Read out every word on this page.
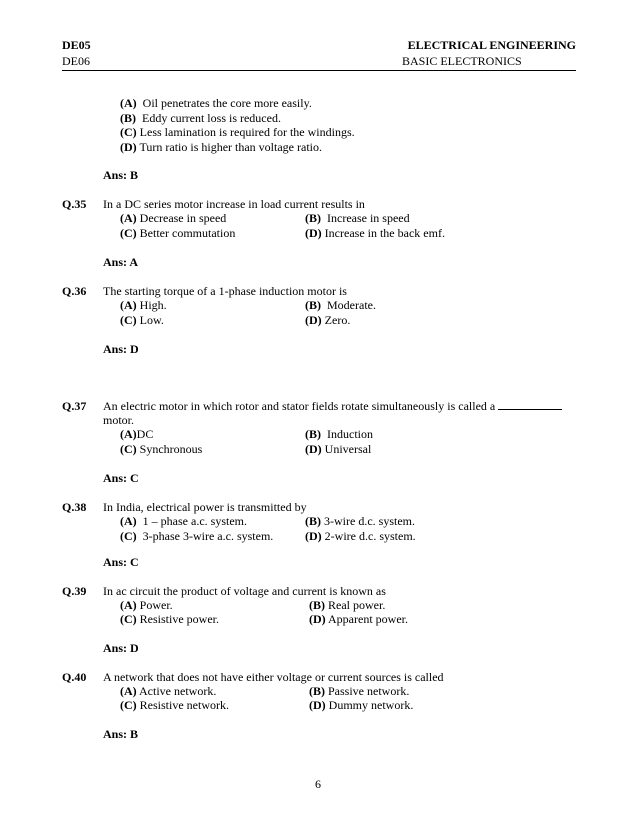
DE05
DE06
ELECTRICAL ENGINEERING
BASIC ELECTRONICS
(A) Oil penetrates the core more easily.
(B) Eddy current loss is reduced.
(C) Less lamination is required for the windings.
(D) Turn ratio is higher than voltage ratio.
Ans: B
Q.35 In a DC series motor increase in load current results in
(A) Decrease in speed	(B) Increase in speed
(C) Better commutation	(D) Increase in the back emf.
Ans: A
Q.36 The starting torque of a 1-phase induction motor is
(A) High.	(B) Moderate.
(C) Low.	(D) Zero.
Ans: D
Q.37 An electric motor in which rotor and stator fields rotate simultaneously is called a
motor.
(A)DC	(B) Induction
(C) Synchronous	(D) Universal
Ans: C
Q.38 In India, electrical power is transmitted by
(A) 1 – phase a.c. system.	(B) 3-wire d.c. system.
(C) 3-phase 3-wire a.c. system.	(D) 2-wire d.c. system.
Ans: C
Q.39 In ac circuit the product of voltage and current is known as
(A) Power.	(B) Real power.
(C) Resistive power.	(D) Apparent power.
Ans: D
Q.40 A network that does not have either voltage or current sources is called
(A) Active network.	(B) Passive network.
(C) Resistive network.	(D) Dummy network.
Ans: B
6
